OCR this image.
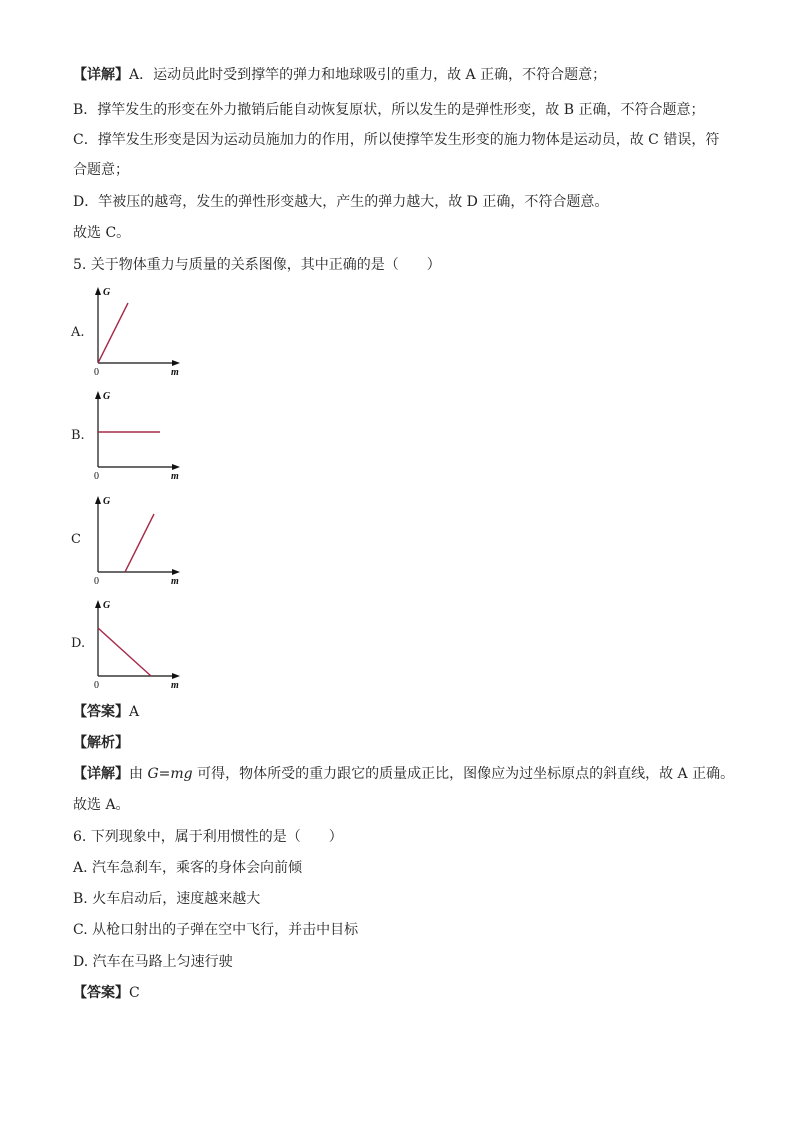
【详解】A．运动员此时受到撑竿的弹力和地球吸引的重力，故 A 正确，不符合题意；
B．撑竿发生的形变在外力撤销后能自动恢复原状，所以发生的是弹性形变，故 B 正确，不符合题意；
C．撑竿发生形变是因为运动员施加力的作用，所以使撑竿发生形变的施力物体是运动员，故 C 错误，符
合题意；
D．竿被压的越弯，发生的弹性形变越大，产生的弹力越大，故 D 正确，不符合题意。
故选 C。
5. 关于物体重力与质量的关系图像，其中正确的是（　　）
A.
G
0	m
B.
G
0	m
C
G
0	m
D.
G
0	m
【答案】A
【解析】
【详解】由 G=mg 可得，物体所受的重力跟它的质量成正比，图像应为过坐标原点的斜直线，故 A 正确。
故选 A。
6. 下列现象中，属于利用惯性的是（　　）
A. 汽车急刹车，乘客的身体会向前倾
B. 火车启动后，速度越来越大
C. 从枪口射出的子弹在空中飞行，并击中目标
D. 汽车在马路上匀速行驶
【答案】C
